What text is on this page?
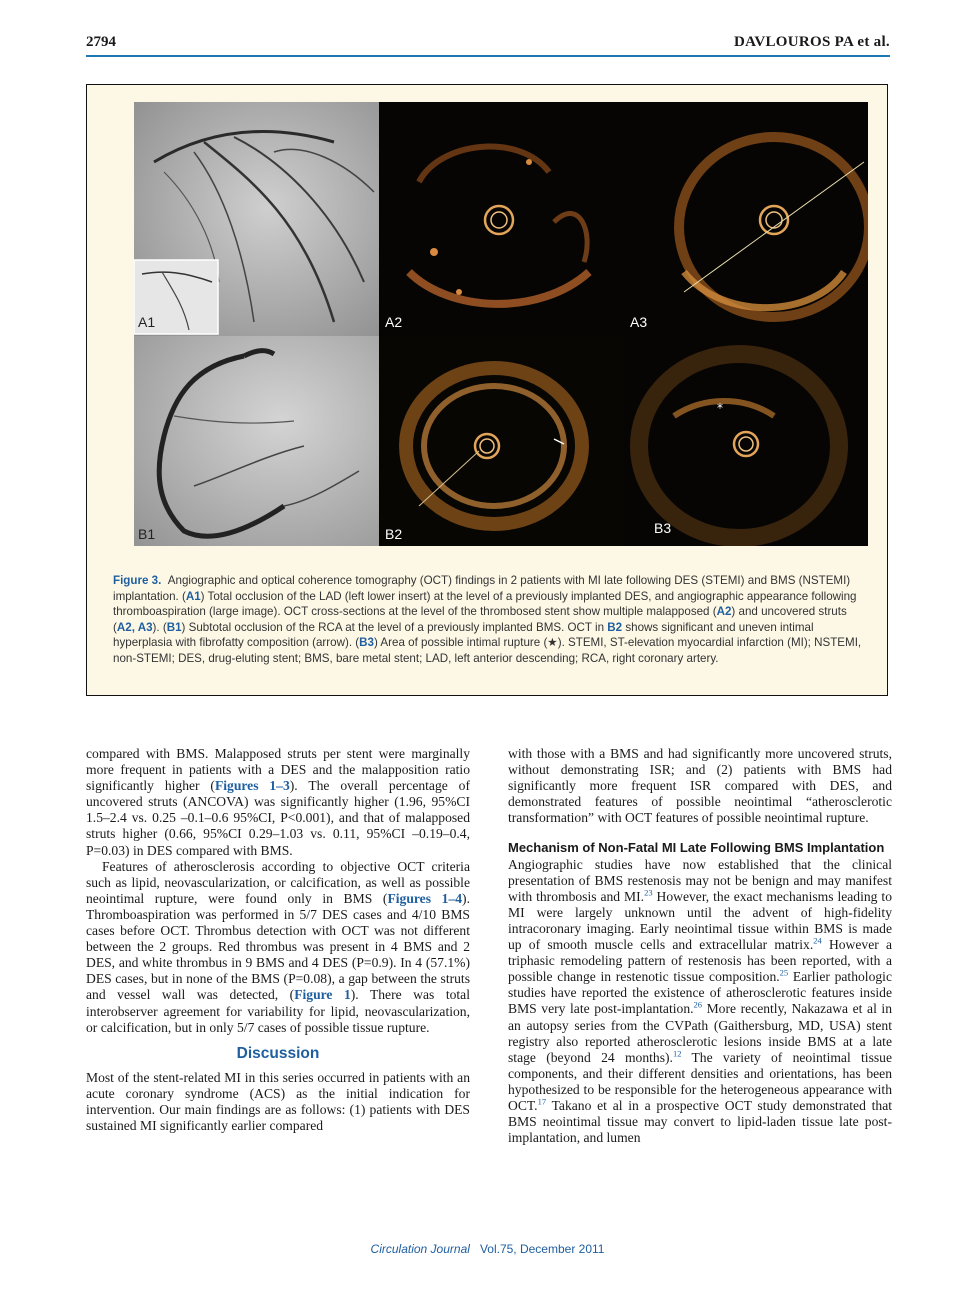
2794	DAVLOUROS PA et al.
A1	A2	A3
B1	B2
*
B3
Figure 3. Angiographic and optical coherence tomography (OCT) findings in 2 patients with MI late following DES (STEMI) and BMS (NSTEMI) implantation. (A1) Total occlusion of the LAD (left lower insert) at the level of a previously implanted DES, and angiographic appearance following thromboaspiration (large image). OCT cross-sections at the level of the thrombosed stent show multiple malapposed (A2) and uncovered struts (A2, A3). (B1) Subtotal occlusion of the RCA at the level of a previously implanted BMS. OCT in B2 shows significant and uneven intimal hyperplasia with fibrofatty composition (arrow). (B3) Area of possible intimal rupture (★). STEMI, ST-elevation myocardial infarction (MI); NSTEMI, non-STEMI; DES, drug-eluting stent; BMS, bare metal stent; LAD, left anterior descending; RCA, right coronary artery.

compared with BMS. Malapposed struts per stent were marginally more frequent in patients with a DES and the malapposition ratio significantly higher (Figures 1–3). The overall percentage of uncovered struts (ANCOVA) was significantly higher (1.96, 95%CI 1.5–2.4 vs. 0.25 –0.1–0.6 95%CI, P<0.001), and that of malapposed struts higher (0.66, 95%CI 0.29–1.03 vs. 0.11, 95%CI –0.19–0.4, P=0.03) in DES compared with BMS.

Features of atherosclerosis according to objective OCT criteria such as lipid, neovascularization, or calcification, as well as possible neointimal rupture, were found only in BMS (Figures 1–4). Thromboaspiration was performed in 5/7 DES cases and 4/10 BMS cases before OCT. Thrombus detection with OCT was not different between the 2 groups. Red thrombus was present in 4 BMS and 2 DES, and white thrombus in 9 BMS and 4 DES (P=0.9). In 4 (57.1%) DES cases, but in none of the BMS (P=0.08), a gap between the struts and vessel wall was detected, (Figure 1). There was total interobserver agreement for variability for lipid, neovascularization, or calcification, but in only 5/7 cases of possible tissue rupture.

Discussion

Most of the stent-related MI in this series occurred in patients with an acute coronary syndrome (ACS) as the initial indication for intervention. Our main findings are as follows: (1) patients with DES sustained MI significantly earlier compared

with those with a BMS and had significantly more uncovered struts, without demonstrating ISR; and (2) patients with BMS had significantly more frequent ISR compared with DES, and demonstrated features of possible neointimal “atherosclerotic transformation” with OCT features of possible neointimal rupture.

Mechanism of Non-Fatal MI Late Following BMS Implantation

Angiographic studies have now established that the clinical presentation of BMS restenosis may not be benign and may manifest with thrombosis and MI.$^{23}$ However, the exact mechanisms leading to MI were largely unknown until the advent of high-fidelity intracoronary imaging. Early neointimal tissue within BMS is made up of smooth muscle cells and extracellular matrix.$^{24}$ However a triphasic remodeling pattern of restenosis has been reported, with a possible change in restenotic tissue composition.$^{25}$ Earlier pathologic studies have reported the existence of atherosclerotic features inside BMS very late post-implantation.$^{26}$ More recently, Nakazawa et al in an autopsy series from the CVPath (Gaithersburg, MD, USA) stent registry also reported atherosclerotic lesions inside BMS at a late stage (beyond 24 months).$^{12}$ The variety of neointimal tissue components, and their different densities and orientations, has been hypothesized to be responsible for the heterogeneous appearance with OCT.$^{17}$ Takano et al in a prospective OCT study demonstrated that BMS neointimal tissue may convert to lipid-laden tissue late post-implantation, and lumen

Circulation Journal Vol.75, December 2011
